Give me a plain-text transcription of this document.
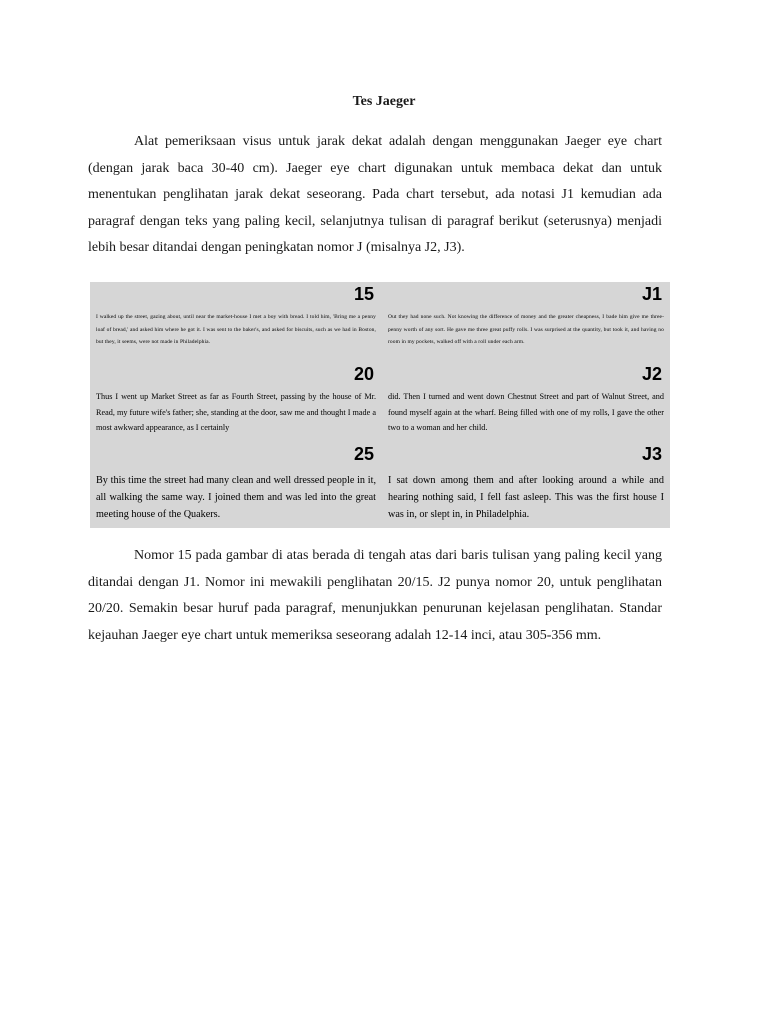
Tes Jaeger

Alat pemeriksaan visus untuk jarak dekat adalah dengan menggunakan Jaeger eye chart (dengan jarak baca 30-40 cm). Jaeger eye chart digunakan untuk membaca dekat dan untuk menentukan penglihatan jarak dekat seseorang. Pada chart tersebut, ada notasi J1 kemudian ada paragraf dengan teks yang paling kecil, selanjutnya tulisan di paragraf berikut (seterusnya) menjadi lebih besar ditandai dengan peningkatan nomor J (misalnya J2, J3).

15
I walked up the street, gazing about, until near the market-house I met a boy with bread. I told him, 'Bring me a penny loaf of bread,' and asked him where he got it. I was sent to the baker's, and asked for biscuits, such as we had in Boston, but they, it seems, were not made in Philadelphia.
J1
Out they had none such. Not knowing the difference of money and the greater cheapness, I bade him give me three-penny worth of any sort. He gave me three great puffy rolls. I was surprised at the quantity, but took it, and having no room in my pockets, walked off with a roll under each arm.
20
Thus I went up Market Street as far as Fourth Street, passing by the house of Mr. Read, my future wife's father; she, standing at the door, saw me and thought I made a most awkward appearance, as I certainly
J2
did. Then I turned and went down Chestnut Street and part of Walnut Street, and found myself again at the wharf. Being filled with one of my rolls, I gave the other two to a woman and her child.
25
By this time the street had many clean and well dressed people in it, all walking the same way. I joined them and was led into the great meeting house of the Quakers.
J3
I sat down among them and after looking around a while and hearing nothing said, I fell fast asleep. This was the first house I was in, or slept in, in Philadelphia.

Nomor 15 pada gambar di atas berada di tengah atas dari baris tulisan yang paling kecil yang ditandai dengan J1. Nomor ini mewakili penglihatan 20/15. J2 punya nomor 20, untuk penglihatan 20/20. Semakin besar huruf pada paragraf, menunjukkan penurunan kejelasan penglihatan. Standar kejauhan Jaeger eye chart untuk memeriksa seseorang adalah 12-14 inci, atau 305-356 mm.
